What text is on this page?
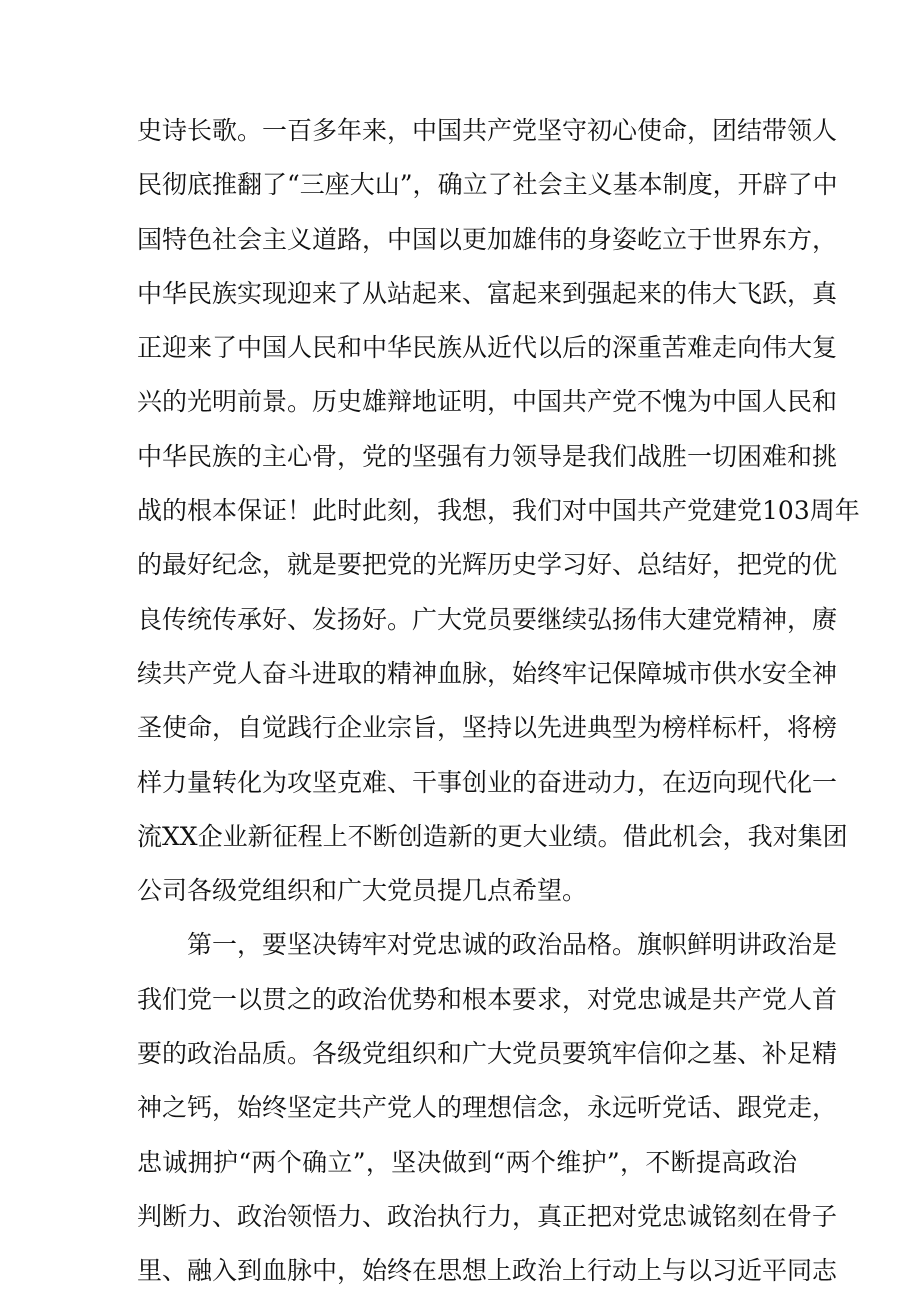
史诗长歌。一百多年来，中国共产党坚守初心使命，团结带领人
民彻底推翻了“三座大山”，确立了社会主义基本制度，开辟了中
国特色社会主义道路，中国以更加雄伟的身姿屹立于世界东方，
中华民族实现迎来了从站起来、富起来到强起来的伟大飞跃，真
正迎来了中国人民和中华民族从近代以后的深重苦难走向伟大复
兴的光明前景。历史雄辩地证明，中国共产党不愧为中国人民和
中华民族的主心骨，党的坚强有力领导是我们战胜一切困难和挑
战的根本保证！此时此刻，我想，我们对中国共产党建党103周年
的最好纪念，就是要把党的光辉历史学习好、总结好，把党的优
良传统传承好、发扬好。广大党员要继续弘扬伟大建党精神，赓
续共产党人奋斗进取的精神血脉，始终牢记保障城市供水安全神
圣使命，自觉践行企业宗旨，坚持以先进典型为榜样标杆，将榜
样力量转化为攻坚克难、干事创业的奋进动力，在迈向现代化一
流XX企业新征程上不断创造新的更大业绩。借此机会，我对集团
公司各级党组织和广大党员提几点希望。
第一，要坚决铸牢对党忠诚的政治品格。旗帜鲜明讲政治是
我们党一以贯之的政治优势和根本要求，对党忠诚是共产党人首
要的政治品质。各级党组织和广大党员要筑牢信仰之基、补足精
神之钙，始终坚定共产党人的理想信念，永远听党话、跟党走，
忠诚拥护“两个确立”，坚决做到“两个维护”，不断提高政治
判断力、政治领悟力、政治执行力，真正把对党忠诚铭刻在骨子
里、融入到血脉中，始终在思想上政治上行动上与以习近平同志
